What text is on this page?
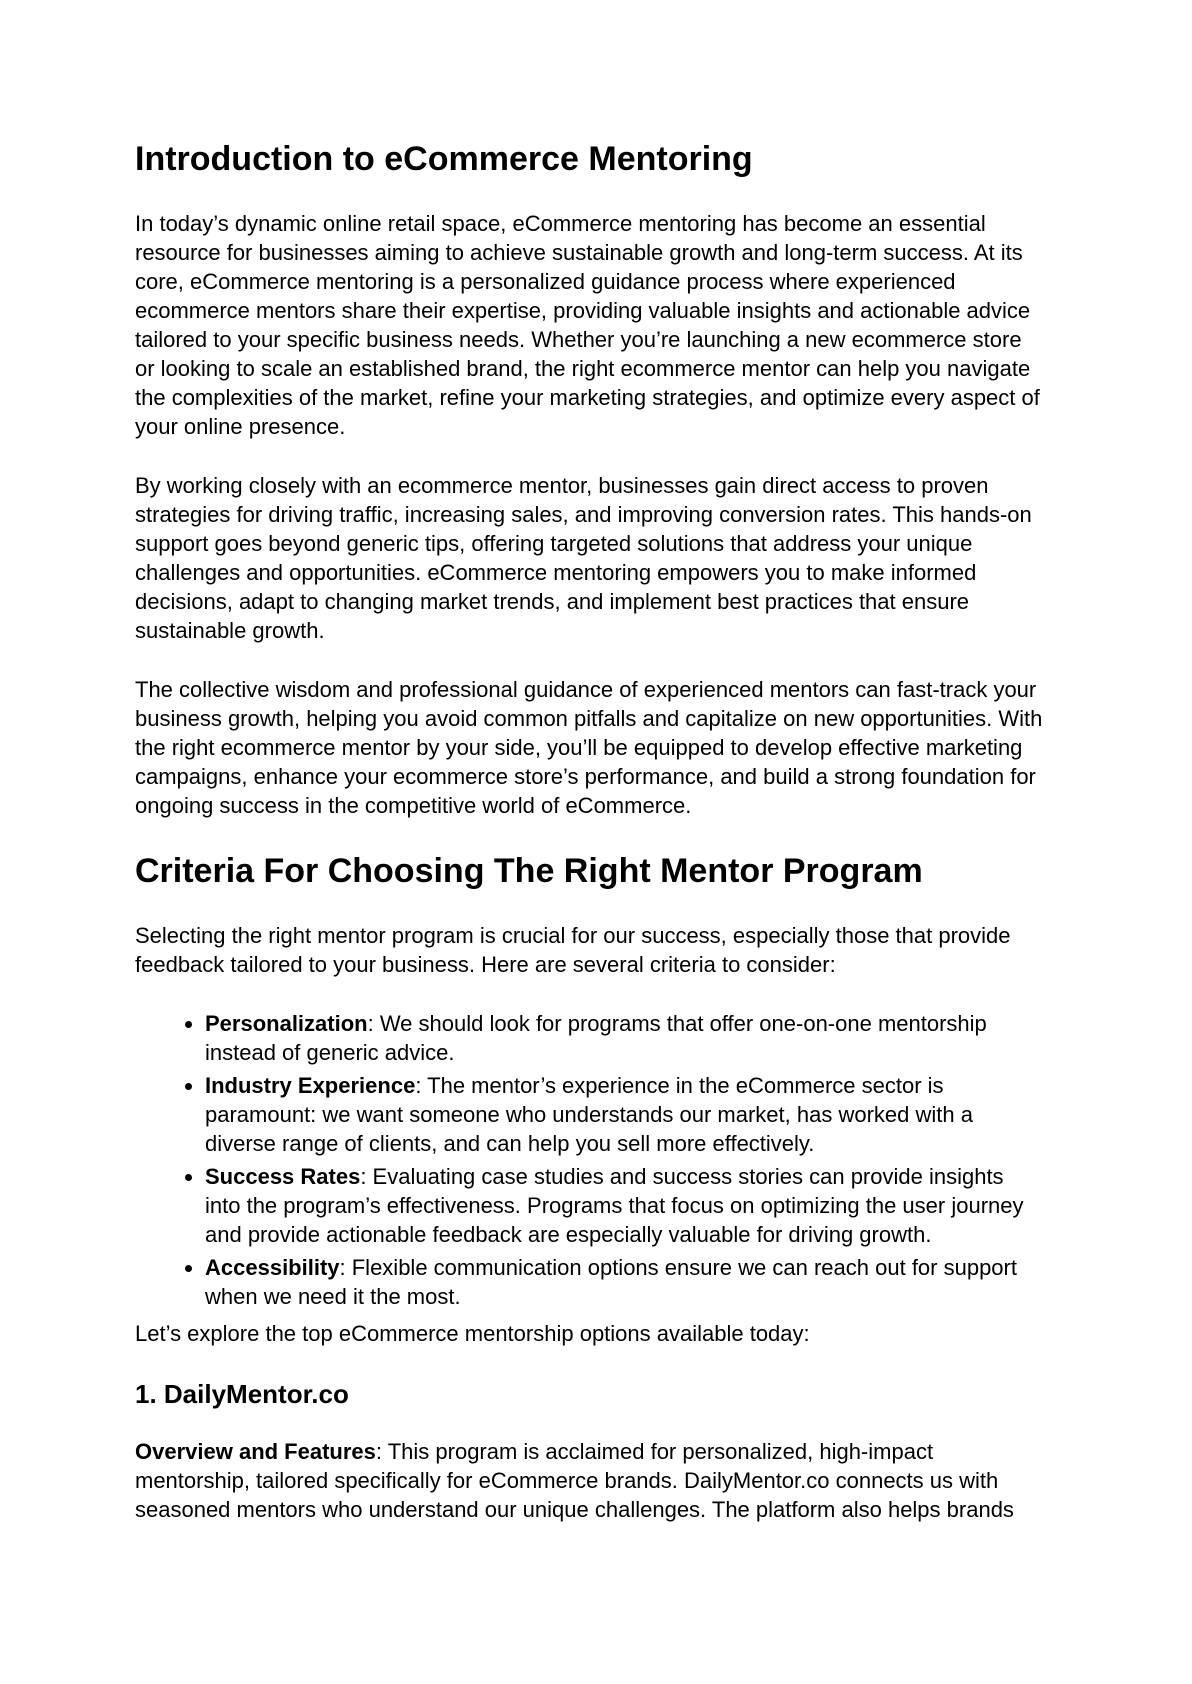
Introduction to eCommerce Mentoring

In today’s dynamic online retail space, eCommerce mentoring has become an essential resource for businesses aiming to achieve sustainable growth and long-term success. At its core, eCommerce mentoring is a personalized guidance process where experienced ecommerce mentors share their expertise, providing valuable insights and actionable advice tailored to your specific business needs. Whether you’re launching a new ecommerce store or looking to scale an established brand, the right ecommerce mentor can help you navigate the complexities of the market, refine your marketing strategies, and optimize every aspect of your online presence.

By working closely with an ecommerce mentor, businesses gain direct access to proven strategies for driving traffic, increasing sales, and improving conversion rates. This hands-on support goes beyond generic tips, offering targeted solutions that address your unique challenges and opportunities. eCommerce mentoring empowers you to make informed decisions, adapt to changing market trends, and implement best practices that ensure sustainable growth.

The collective wisdom and professional guidance of experienced mentors can fast-track your business growth, helping you avoid common pitfalls and capitalize on new opportunities. With the right ecommerce mentor by your side, you’ll be equipped to develop effective marketing campaigns, enhance your ecommerce store’s performance, and build a strong foundation for ongoing success in the competitive world of eCommerce.

Criteria For Choosing The Right Mentor Program

Selecting the right mentor program is crucial for our success, especially those that provide feedback tailored to your business. Here are several criteria to consider:

• Personalization: We should look for programs that offer one-on-one mentorship instead of generic advice.
• Industry Experience: The mentor’s experience in the eCommerce sector is paramount: we want someone who understands our market, has worked with a diverse range of clients, and can help you sell more effectively.
• Success Rates: Evaluating case studies and success stories can provide insights into the program’s effectiveness. Programs that focus on optimizing the user journey and provide actionable feedback are especially valuable for driving growth.
• Accessibility: Flexible communication options ensure we can reach out for support when we need it the most.

Let’s explore the top eCommerce mentorship options available today:

1. DailyMentor.co

Overview and Features: This program is acclaimed for personalized, high-impact mentorship, tailored specifically for eCommerce brands. DailyMentor.co connects us with seasoned mentors who understand our unique challenges. The platform also helps brands
